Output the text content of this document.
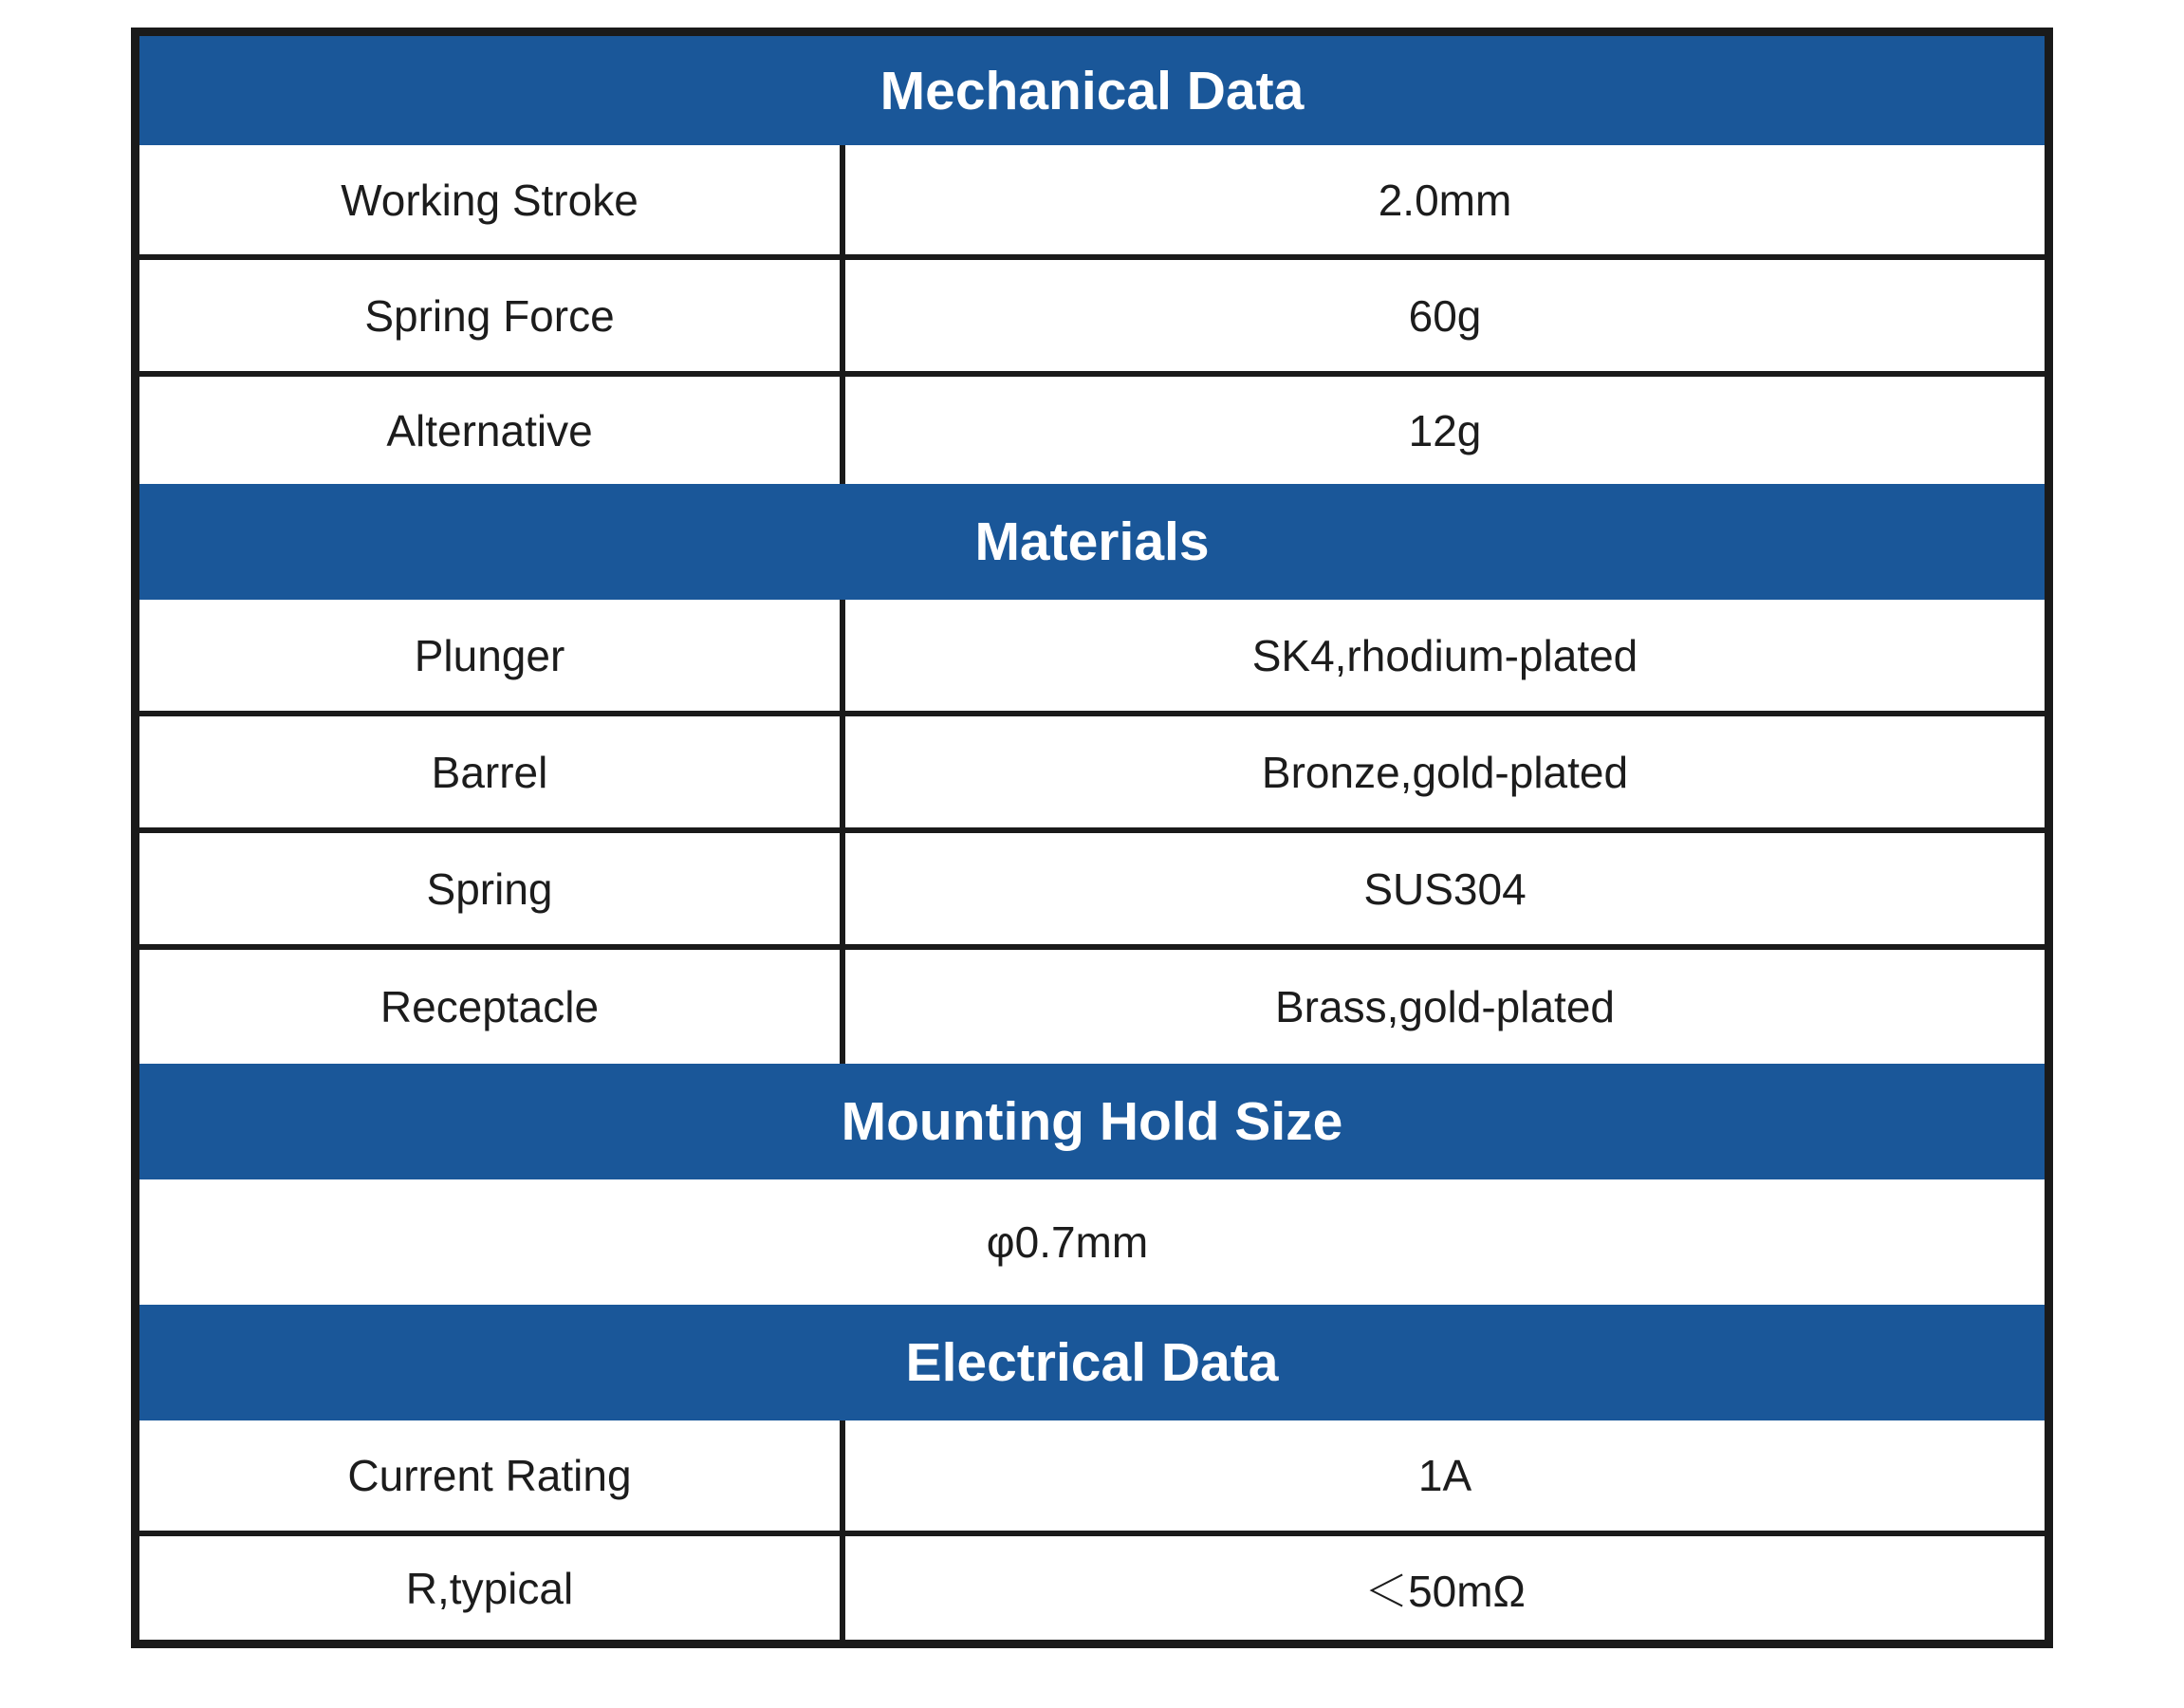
Mechanical Data
Working Stroke	2.0mm
Spring Force	60g
Alternative	12g
Materials
Plunger	SK4,rhodium-plated
Barrel	Bronze,gold-plated
Spring	SUS304
Receptacle	Brass,gold-plated
Mounting Hold Size
φ0.7mm
Electrical Data
Current Rating	1A
R,typical	＜50mΩ
